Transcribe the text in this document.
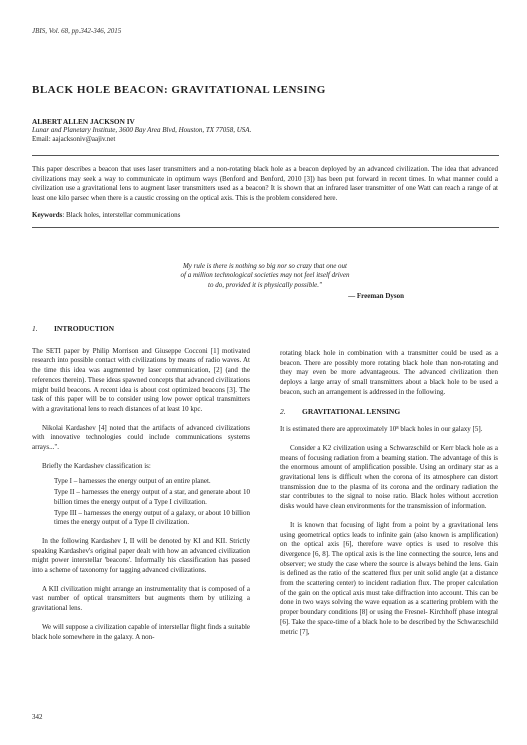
JBIS, Vol. 68, pp.342-346, 2015
BLACK HOLE BEACON: GRAVITATIONAL LENSING
ALBERT ALLEN JACKSON IV
Lunar and Planetary Institute, 3600 Bay Area Blvd, Houston, TX 77058, USA.
Email: aajacksoniv@aajiv.net
This paper describes a beacon that uses laser transmitters and a non-rotating black hole as a beacon deployed by an advanced civilization. The idea that advanced civilizations may seek a way to communicate in optimum ways (Benford and Benford, 2010 [3]) has been put forward in recent times. In what manner could a civilization use a gravitational lens to augment laser transmitters used as a beacon? It is shown that an infrared laser transmitter of one Watt can reach a range of at least one kilo parsec when there is a caustic crossing on the optical axis. This is the problem considered here.
Keywords: Black holes, interstellar communications
My rule is there is nothing so big nor so crazy that one out
of a million technological societies may not feel itself driven
to do, provided it is physically possible."
— Freeman Dyson
1. INTRODUCTION

The SETI paper by Philip Morrison and Giuseppe Cocconi [1] motivated research into possible contact with civilizations by means of radio waves. At the time this idea was augmented by laser communication, [2] (and the references therein). These ideas spawned concepts that advanced civilizations might build beacons. A recent idea is about cost optimized beacons [3]. The task of this paper will be to consider using low power optical transmitters with a gravitational lens to reach distances of at least 10 kpc.

Nikolai Kardashev [4] noted that the artifacts of advanced civilizations with innovative technologies could include communications systems arrays...".

Briefly the Kardashev classification is:

Type I – harnesses the energy output of an entire planet.
Type II – harnesses the energy output of a star, and generate about 10 billion times the energy output of a Type I civilization.
Type III – harnesses the energy output of a galaxy, or about 10 billion times the energy output of a Type II civilization.

In the following Kardashev I, II will be denoted by KI and KII. Strictly speaking Kardashev's original paper dealt with how an advanced civilization might power interstellar 'beacons'. Informally his classification has passed into a scheme of taxonomy for tagging advanced civilizations.

A KII civilization might arrange an instrumentality that is composed of a vast number of optical transmitters but augments them by utilizing a gravitational lens.

We will suppose a civilization capable of interstellar flight finds a suitable black hole somewhere in the galaxy. A non-

rotating black hole in combination with a transmitter could be used as a beacon. There are possibly more rotating black hole than non-rotating and they may even be more advantageous. The advanced civilization then deploys a large array of small transmitters about a black hole to be used a beacon, such an arrangement is addressed in the following.

2. GRAVITATIONAL LENSING

It is estimated there are approximately 10⁸ black holes in our galaxy [5].

Consider a K2 civilization using a Schwarzschild or Kerr black hole as a means of focusing radiation from a beaming station. The advantage of this is the enormous amount of amplification possible. Using an ordinary star as a gravitational lens is difficult when the corona of its atmosphere can distort transmission due to the plasma of its corona and the ordinary radiation the star contributes to the signal to noise ratio. Black holes without accretion disks would have clean environments for the transmission of information.

It is known that focusing of light from a point by a gravitational lens using geometrical optics leads to infinite gain (also known is amplification) on the optical axis [6], therefore wave optics is used to resolve this divergence [6, 8]. The optical axis is the line connecting the source, lens and observer; we study the case where the source is always behind the lens. Gain is defined as the ratio of the scattered flux per unit solid angle (at a distance from the scattering center) to incident radiation flux. The proper calculation of the gain on the optical axis must take diffraction into account. This can be done in two ways solving the wave equation as a scattering problem with the proper boundary conditions [8] or using the Fresnel- Kirchhoff phase integral [6]. Take the space-time of a black hole to be described by the Schwarzschild metric [7],

342
